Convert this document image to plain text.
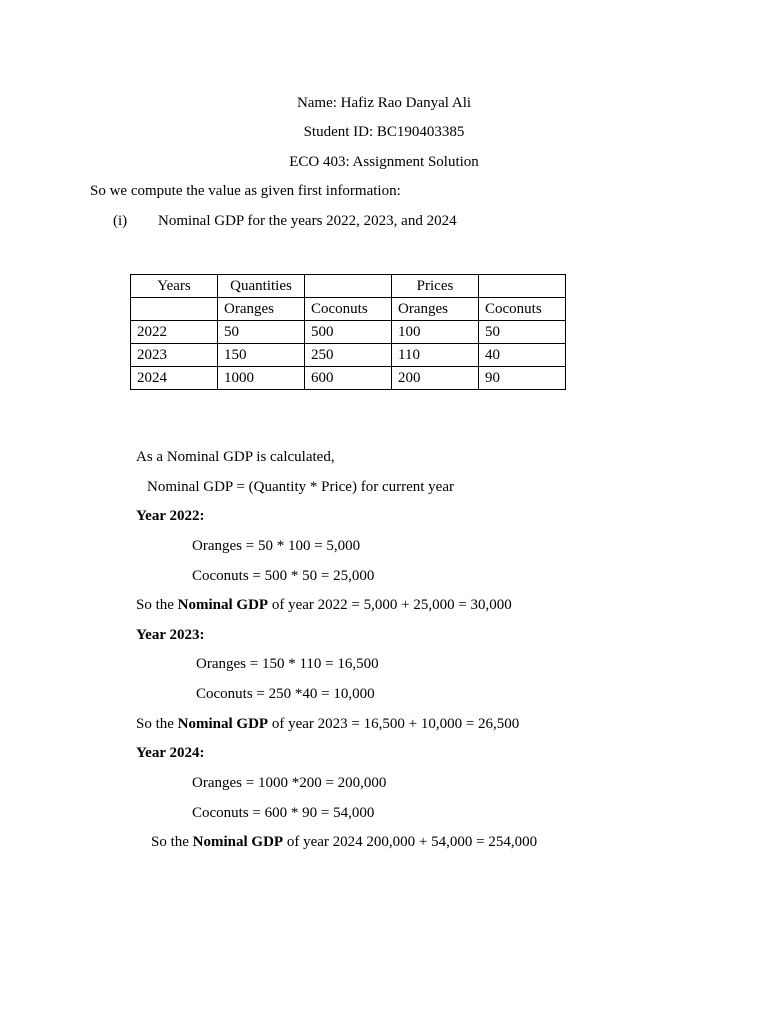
Name: Hafiz Rao Danyal Ali
Student ID: BC190403385
ECO 403: Assignment Solution
So we compute the value as given first information:
(i) Nominal GDP for the years 2022, 2023, and 2024
Years	Quantities		Prices	
	Oranges	Coconuts	Oranges	Coconuts
2022	50	500	100	50
2023	150	250	110	40
2024	1000	600	200	90
As a Nominal GDP is calculated,
Nominal GDP = (Quantity * Price) for current year
Year 2022:
Oranges = 50 * 100 = 5,000
Coconuts = 500 * 50 = 25,000
So the Nominal GDP of year 2022 = 5,000 + 25,000 = 30,000
Year 2023:
Oranges = 150 * 110 = 16,500
Coconuts = 250 *40 = 10,000
So the Nominal GDP of year 2023 = 16,500 + 10,000 = 26,500
Year 2024:
Oranges = 1000 *200 = 200,000
Coconuts = 600 * 90 = 54,000
So the Nominal GDP of year 2024 200,000 + 54,000 = 254,000
